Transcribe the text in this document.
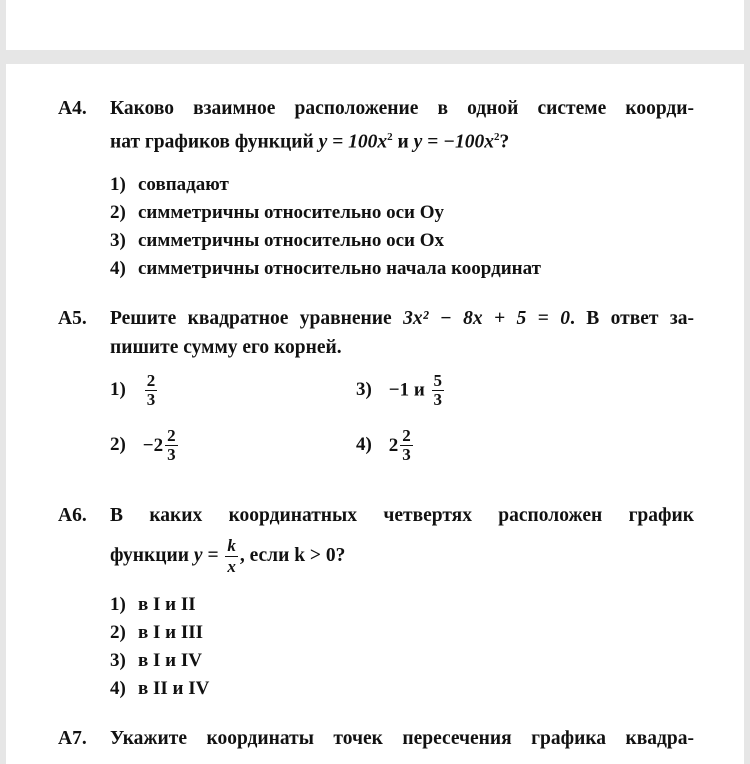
А4. Каково взаимное расположение в одной системе коорди-
нат графиков функций $y = 100x^2$ и $y = -100x^2$?
1) совпадают
2) симметричны относительно оси Oy
3) симметричны относительно оси Ox
4) симметричны относительно начала координат
А5. Решите квадратное уравнение 3x² − 8x + 5 = 0. В ответ за-
пишите сумму его корней.
$1) \frac{2}{3}$	3) −1 и $\frac{5}{3}$
$2) -2 \frac{2}{3}$	4) $2 \frac{2}{3}$
А6. В каких координатных четвертях расположен график
функции $y = \frac{k}{x}$ , если k > 0?
1) в I и II
2) в I и III
3) в I и IV
4) в II и IV
А7. Укажите координаты точек пересечения графика квадра-
